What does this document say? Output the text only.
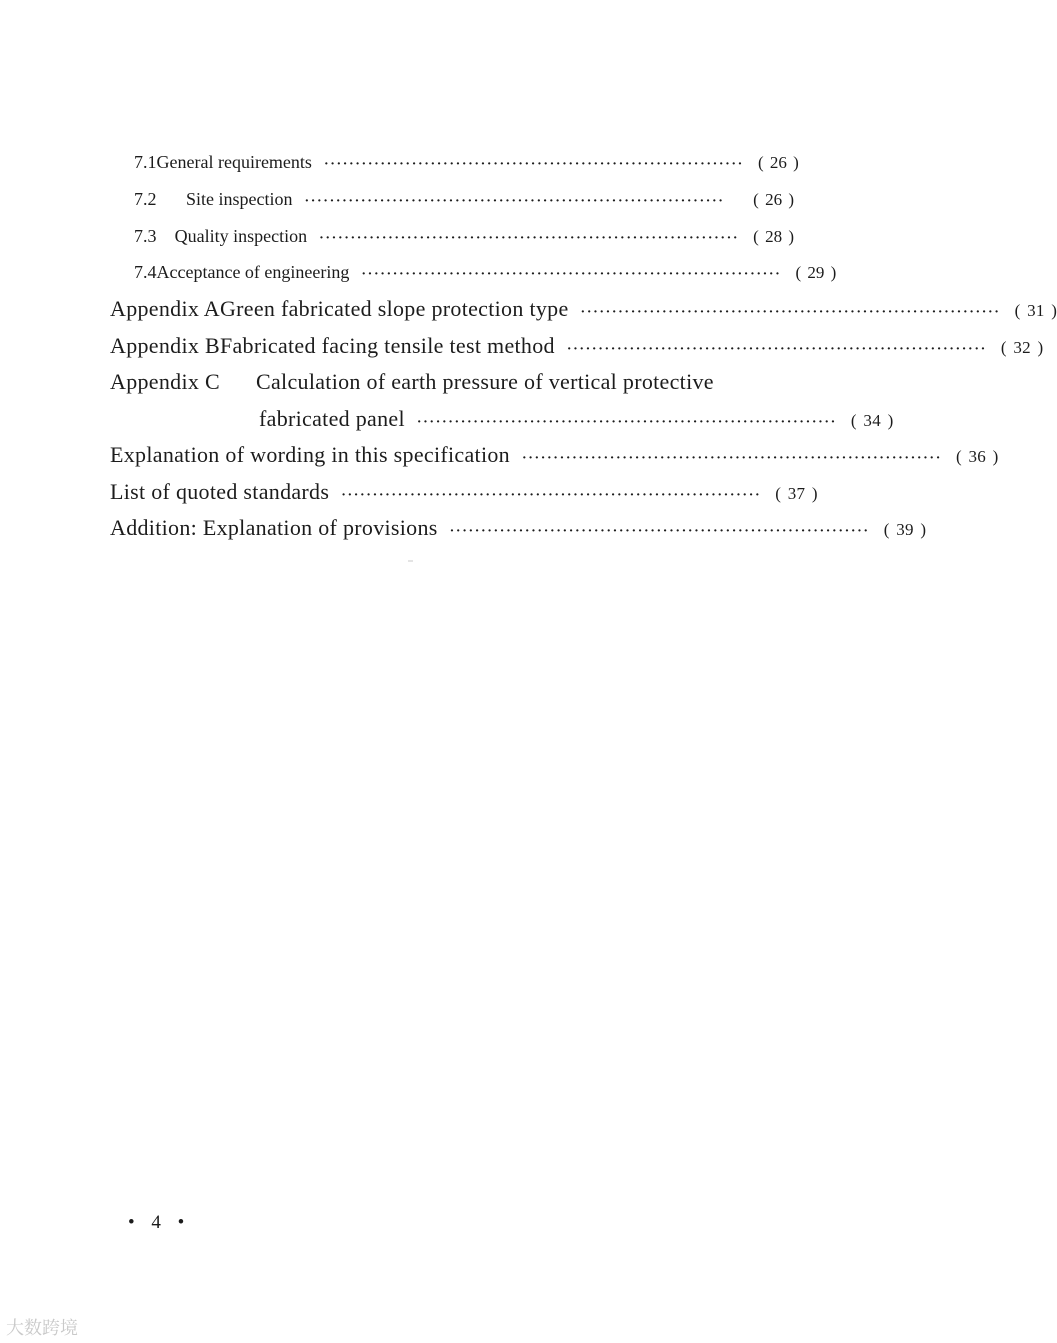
7.1 General requirements ··································································· ( 26 )
7.2	Site inspection ···································································	( 26 )
7.3	Quality inspection ··································································· ( 28 )
7.4 Acceptance of engineering ··································································· ( 29 )
Appendix A Green fabricated slope protection type ··································································· ( 31 )
Appendix B Fabricated facing tensile test method ··································································· ( 32 )
Appendix C	Calculation of earth pressure of vertical protective
fabricated panel ··································································· ( 34 )
Explanation of wording in this specification ··································································· ( 36 )
List of quoted standards ··································································· ( 37 )
Addition: Explanation of provisions ··································································· ( 39 )
• 4 •
大数跨境
